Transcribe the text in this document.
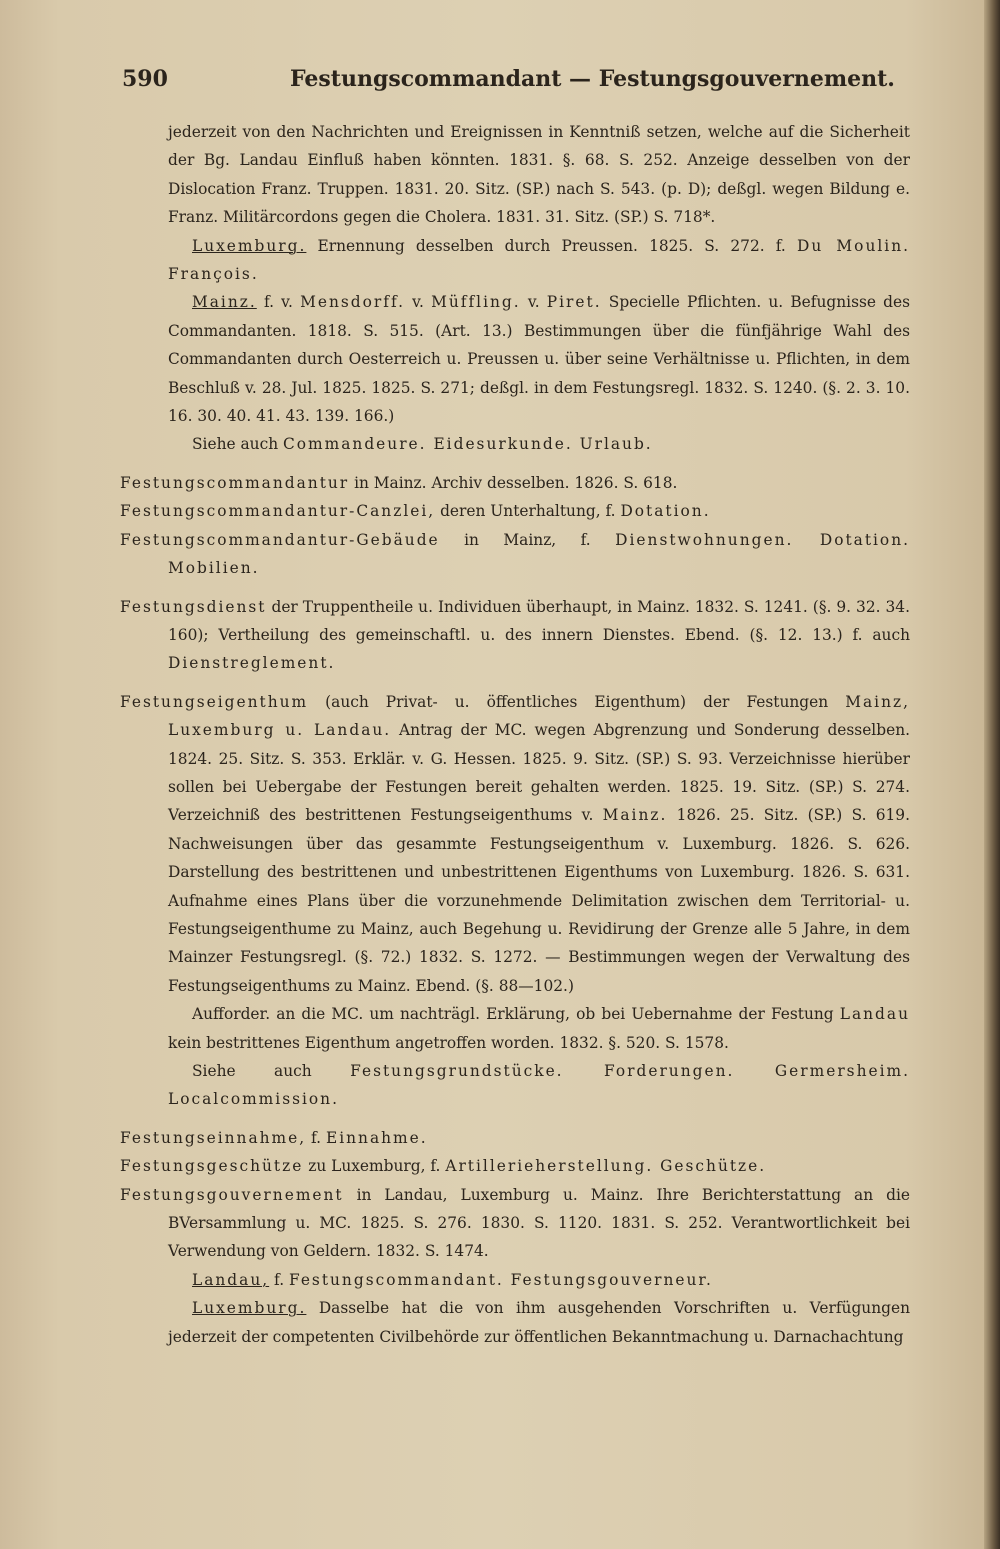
590	Festungscommandant — Festungsgouvernement.

jederzeit von den Nachrichten und Ereignissen in Kenntniß setzen, welche auf die Sicherheit der Bg. Landau Einfluß haben könnten. 1831. §. 68. S. 252. Anzeige desselben von der Dislocation Franz. Truppen. 1831. 20. Sitz. (SP.) nach S. 543. (p. D); deßgl. wegen Bildung e. Franz. Militärcordons gegen die Cholera. 1831. 31. Sitz. (SP.) S. 718*.

Luxemburg. Ernennung desselben durch Preussen. 1825. S. 272. f. Du Moulin. François.

Mainz. f. v. Mensdorff. v. Müffling. v. Piret. Specielle Pflichten. u. Befugnisse des Commandanten. 1818. S. 515. (Art. 13.) Bestimmungen über die fünfjährige Wahl des Commandanten durch Oesterreich u. Preussen u. über seine Verhältnisse u. Pflichten, in dem Beschluß v. 28. Jul. 1825. 1825. S. 271; deßgl. in dem Festungsregl. 1832. S. 1240. (§. 2. 3. 10. 16. 30. 40. 41. 43. 139. 166.)

Siehe auch Commandeure. Eidesurkunde. Urlaub.

Festungscommandantur in Mainz. Archiv desselben. 1826. S. 618.

Festungscommandantur-Canzlei, deren Unterhaltung, f. Dotation.

Festungscommandantur-Gebäude in Mainz, f. Dienstwohnungen. Dotation. Mobilien.

Festungsdienst der Truppentheile u. Individuen überhaupt, in Mainz. 1832. S. 1241. (§. 9. 32. 34. 160); Vertheilung des gemeinschaftl. u. des innern Dienstes. Ebend. (§. 12. 13.) f. auch Dienstreglement.

Festungseigenthum (auch Privat- u. öffentliches Eigenthum) der Festungen Mainz, Luxemburg u. Landau. Antrag der MC. wegen Abgrenzung und Sonderung desselben. 1824. 25. Sitz. S. 353. Erklär. v. G. Hessen. 1825. 9. Sitz. (SP.) S. 93. Verzeichnisse hierüber sollen bei Uebergabe der Festungen bereit gehalten werden. 1825. 19. Sitz. (SP.) S. 274. Verzeichniß des bestrittenen Festungseigenthums v. Mainz. 1826. 25. Sitz. (SP.) S. 619. Nachweisungen über das gesammte Festungseigenthum v. Luxemburg. 1826. S. 626. Darstellung des bestrittenen und unbestrittenen Eigenthums von Luxemburg. 1826. S. 631. Aufnahme eines Plans über die vorzunehmende Delimitation zwischen dem Territorial- u. Festungseigenthume zu Mainz, auch Begehung u. Revidirung der Grenze alle 5 Jahre, in dem Mainzer Festungsregl. (§. 72.) 1832. S. 1272. — Bestimmungen wegen der Verwaltung des Festungseigenthums zu Mainz. Ebend. (§. 88—102.)

Aufforder. an die MC. um nachträgl. Erklärung, ob bei Uebernahme der Festung Landau kein bestrittenes Eigenthum angetroffen worden. 1832. §. 520. S. 1578.

Siehe auch Festungsgrundstücke. Forderungen. Germersheim. Localcommission.

Festungseinnahme, f. Einnahme.

Festungsgeschütze zu Luxemburg, f. Artillerieherstellung. Geschütze.

Festungsgouvernement in Landau, Luxemburg u. Mainz. Ihre Berichterstattung an die BVersammlung u. MC. 1825. S. 276. 1830. S. 1120. 1831. S. 252. Verantwortlichkeit bei Verwendung von Geldern. 1832. S. 1474.

Landau, f. Festungscommandant. Festungsgouverneur.

Luxemburg. Dasselbe hat die von ihm ausgehenden Vorschriften u. Verfügungen jederzeit der competenten Civilbehörde zur öffentlichen Bekanntmachung u. Darnachachtung
